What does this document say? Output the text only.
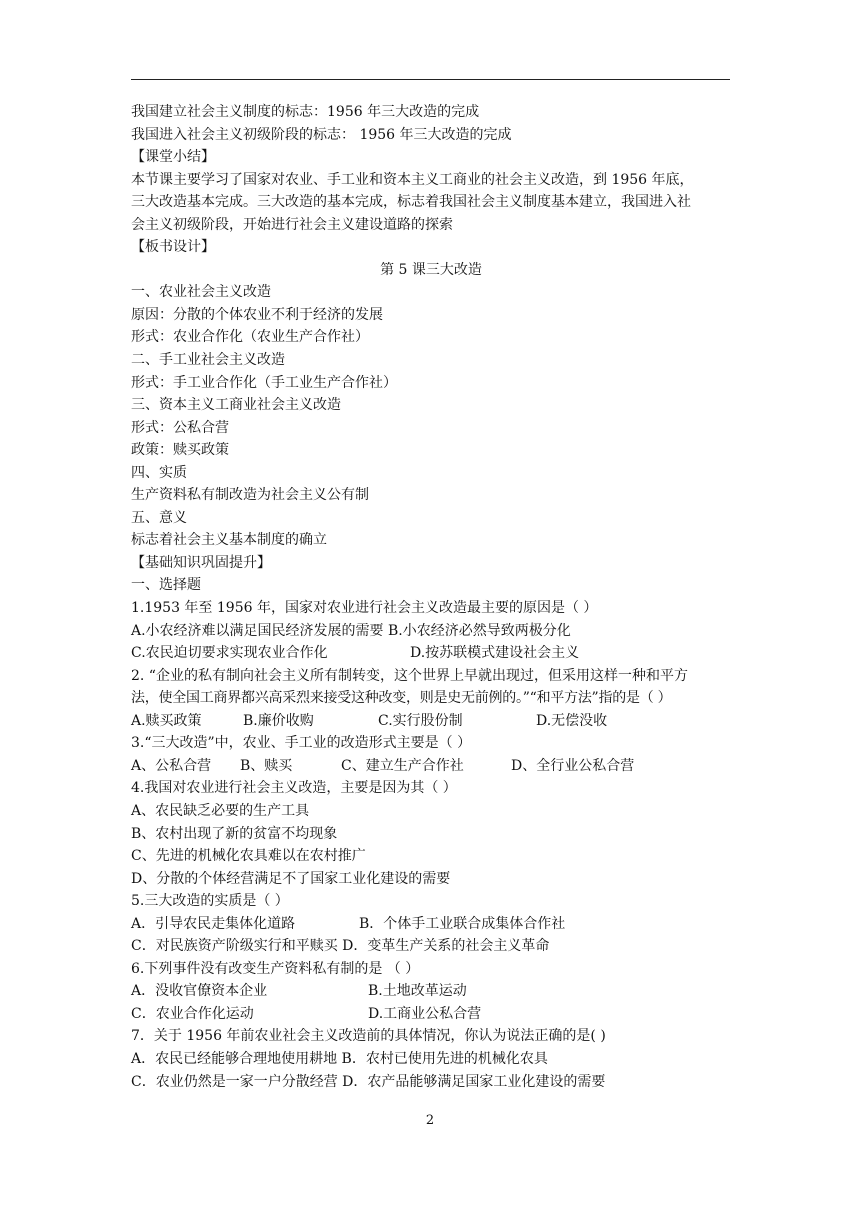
我国建立社会主义制度的标志：1956 年三大改造的完成
我国进入社会主义初级阶段的标志： 1956 年三大改造的完成
【课堂小结】
本节课主要学习了国家对农业、手工业和资本主义工商业的社会主义改造，到 1956 年底，
三大改造基本完成。三大改造的基本完成，标志着我国社会主义制度基本建立，我国进入社
会主义初级阶段，开始进行社会主义建设道路的探索
【板书设计】
第 5 课三大改造
一、农业社会主义改造
原因：分散的个体农业不利于经济的发展
形式：农业合作化（农业生产合作社）
二、手工业社会主义改造
形式：手工业合作化（手工业生产合作社）
三、资本主义工商业社会主义改造
形式：公私合营
政策：赎买政策
四、实质
生产资料私有制改造为社会主义公有制
五、意义
标志着社会主义基本制度的确立
【基础知识巩固提升】
一、选择题
1.1953 年至 1956 年，国家对农业进行社会主义改造最主要的原因是（ ）
A.小农经济难以满足国民经济发展的需要 B.小农经济必然导致两极分化
C.农民迫切要求实现农业合作化	D.按苏联模式建设社会主义
2. “企业的私有制向社会主义所有制转变，这个世界上早就出现过，但采用这样一种和平方
法，使全国工商界都兴高采烈来接受这种改变，则是史无前例的。”“和平方法”指的是（ ）
A.赎买政策	B.廉价收购	C.实行股份制	D.无偿没收
3.“三大改造”中，农业、手工业的改造形式主要是（ ）
A、公私合营	B、赎买	C、建立生产合作社	D、全行业公私合营
4.我国对农业进行社会主义改造，主要是因为其（ ）
A、农民缺乏必要的生产工具
B、农村出现了新的贫富不均现象
C、先进的机械化农具难以在农村推广
D、分散的个体经营满足不了国家工业化建设的需要
5.三大改造的实质是（ ）
A．引导农民走集体化道路	B．个体手工业联合成集体合作社
C．对民族资产阶级实行和平赎买 D．变革生产关系的社会主义革命
6.下列事件没有改变生产资料私有制的是 （ ）
A．没收官僚资本企业	B.土地改革运动
C．农业合作化运动	D.工商业公私合营
7．关于 1956 年前农业社会主义改造前的具体情况，你认为说法正确的是( )
A．农民已经能够合理地使用耕地 B．农村已使用先进的机械化农具
C．农业仍然是一家一户分散经营 D．农产品能够满足国家工业化建设的需要
2
